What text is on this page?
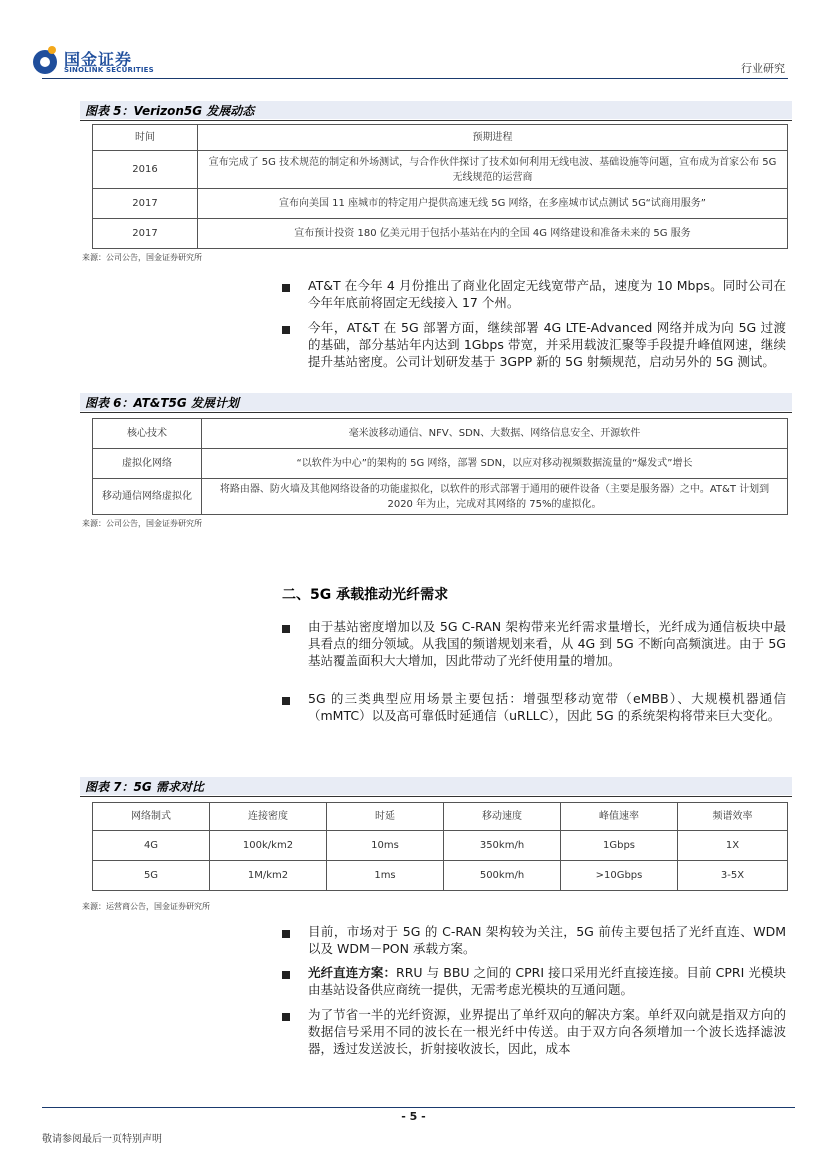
国金证券
SINOLINK SECURITIES	行业研究
图表 5：Verizon5G 发展动态
时间	预期进程
2016	宣布完成了 5G 技术规范的制定和外场测试，与合作伙伴探讨了技术如何利用无线电波、基础设施等问题，宣布成为首家公布 5G 无线规范的运营商
2017	宣布向美国 11 座城市的特定用户提供高速无线 5G 网络，在多座城市试点测试 5G“试商用服务”
2017	宣布预计投资 180 亿美元用于包括小基站在内的全国 4G 网络建设和准备未来的 5G 服务
来源：公司公告，国金证券研究所
AT&T 在今年 4 月份推出了商业化固定无线宽带产品，速度为 10 Mbps。同时公司在今年年底前将固定无线接入 17 个州。
今年，AT&T 在 5G 部署方面，继续部署 4G LTE-Advanced 网络并成为向 5G 过渡的基础，部分基站年内达到 1Gbps 带宽，并采用载波汇聚等手段提升峰值网速，继续提升基站密度。公司计划研发基于 3GPP 新的 5G 射频规范，启动另外的 5G 测试。
图表 6：AT&T5G 发展计划
核心技术	毫米波移动通信、NFV、SDN、大数据、网络信息安全、开源软件
虚拟化网络	“以软件为中心”的架构的 5G 网络，部署 SDN，以应对移动视频数据流量的“爆发式”增长
移动通信网络虚拟化	将路由器、防火墙及其他网络设备的功能虚拟化，以软件的形式部署于通用的硬件设备（主要是服务器）之中。AT&T 计划到 2020 年为止，完成对其网络的 75%的虚拟化。
来源：公司公告，国金证券研究所
二、5G 承载推动光纤需求
由于基站密度增加以及 5G C-RAN 架构带来光纤需求量增长，光纤成为通信板块中最具看点的细分领域。从我国的频谱规划来看，从 4G 到 5G 不断向高频演进。由于 5G 基站覆盖面积大大增加，因此带动了光纤使用量的增加。
5G 的三类典型应用场景主要包括：增强型移动宽带（eMBB）、大规模机器通信（mMTC）以及高可靠低时延通信（uRLLC），因此 5G 的系统架构将带来巨大变化。
图表 7：5G 需求对比
网络制式	连接密度	时延	移动速度	峰值速率	频谱效率
4G	100k/km2	10ms	350km/h	1Gbps	1X
5G	1M/km2	1ms	500km/h	>10Gbps	3-5X
来源：运营商公告，国金证券研究所
目前，市场对于 5G 的 C-RAN 架构较为关注，5G 前传主要包括了光纤直连、WDM 以及 WDM－PON 承载方案。
光纤直连方案：RRU 与 BBU 之间的 CPRI 接口采用光纤直接连接。目前 CPRI 光模块由基站设备供应商统一提供，无需考虑光模块的互通问题。
为了节省一半的光纤资源，业界提出了单纤双向的解决方案。单纤双向就是指双方向的数据信号采用不同的波长在一根光纤中传送。由于双方向各须增加一个波长选择滤波器，透过发送波长，折射接收波长，因此，成本
- 5 -
敬请参阅最后一页特别声明
